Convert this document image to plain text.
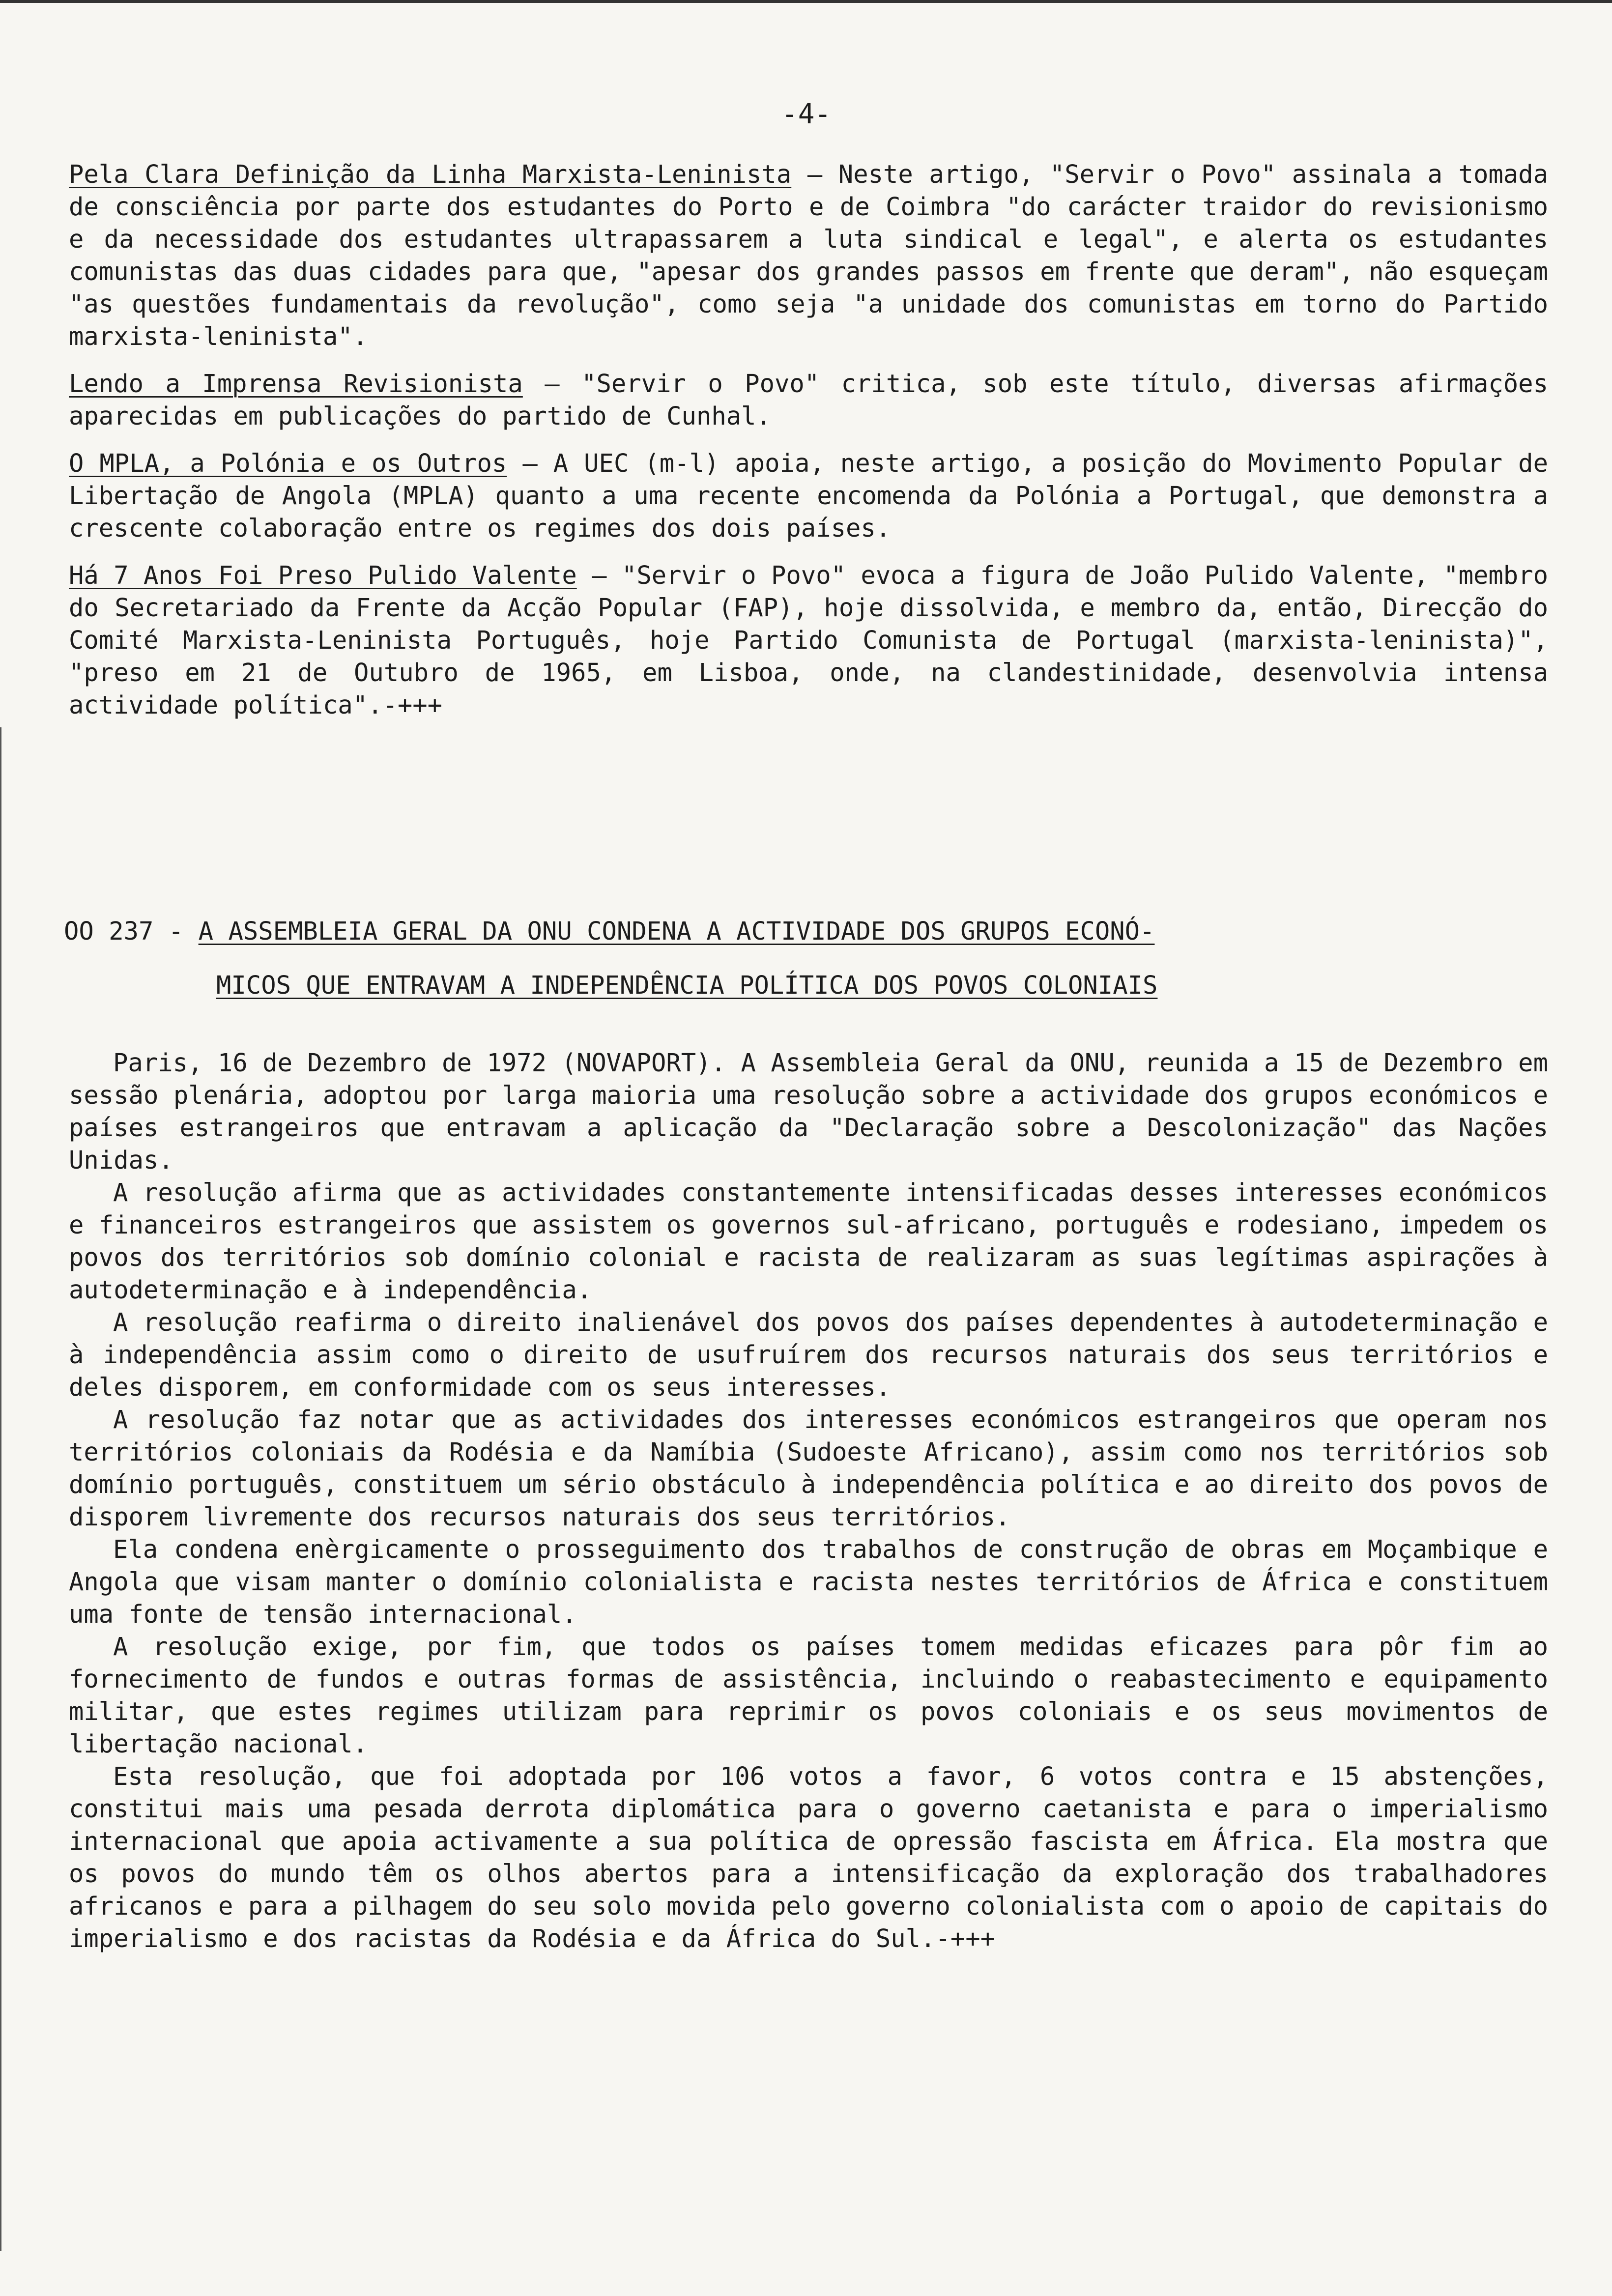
-4-

Pela Clara Definição da Linha Marxista-Leninista — Neste artigo, "Servir o Povo" assinala a tomada de consciência por parte dos estudantes do Porto e de Coimbra "do carácter traidor do revisionismo e da necessidade dos estudantes ultrapassarem a luta sindical e legal", e alerta os estudantes comunistas das duas cidades para que, "apesar dos grandes passos em frente que deram", não esqueçam "as questões fundamentais da revolução", como seja "a unidade dos comunistas em torno do Partido marxista-leninista".

Lendo a Imprensa Revisionista — "Servir o Povo" critica, sob este título, diversas afirmações aparecidas em publicações do partido de Cunhal.

O MPLA, a Polónia e os Outros — A UEC (m-l) apoia, neste artigo, a posição do Movimento Popular de Libertação de Angola (MPLA) quanto a uma recente encomenda da Polónia a Portugal, que demonstra a crescente colaboração entre os regimes dos dois países.

Há 7 Anos Foi Preso Pulido Valente — "Servir o Povo" evoca a figura de João Pulido Valente, "membro do Secretariado da Frente da Acção Popular (FAP), hoje dissolvida, e membro da, então, Direcção do Comité Marxista-Leninista Português, hoje Partido Comunista de Portugal (marxista-leninista)", "preso em 21 de Outubro de 1965, em Lisboa, onde, na clandestinidade, desenvolvia intensa actividade política".-+++

OO 237 - A ASSEMBLEIA GERAL DA ONU CONDENA A ACTIVIDADE DOS GRUPOS ECONÓ-
MICOS QUE ENTRAVAM A INDEPENDÊNCIA POLÍTICA DOS POVOS COLONIAIS

Paris, 16 de Dezembro de 1972 (NOVAPORT). A Assembleia Geral da ONU, reunida a 15 de Dezembro em sessão plenária, adoptou por larga maioria uma resolução sobre a actividade dos grupos económicos e países estrangeiros que entravam a aplicação da "Declaração sobre a Descolonização" das Nações Unidas.

A resolução afirma que as actividades constantemente intensificadas desses interesses económicos e financeiros estrangeiros que assistem os governos sul-africano, português e rodesiano, impedem os povos dos territórios sob domínio colonial e racista de realizaram as suas legítimas aspirações à autodeterminação e à independência.

A resolução reafirma o direito inalienável dos povos dos países dependentes à autodeterminação e à independência assim como o direito de usufruírem dos recursos naturais dos seus territórios e deles disporem, em conformidade com os seus interesses.

A resolução faz notar que as actividades dos interesses económicos estrangeiros que operam nos territórios coloniais da Rodésia e da Namíbia (Sudoeste Africano), assim como nos territórios sob domínio português, constituem um sério obstáculo à independência política e ao direito dos povos de disporem livremente dos recursos naturais dos seus territórios.

Ela condena enèrgicamente o prosseguimento dos trabalhos de construção de obras em Moçambique e Angola que visam manter o domínio colonialista e racista nestes territórios de África e constituem uma fonte de tensão internacional.

A resolução exige, por fim, que todos os países tomem medidas eficazes para pôr fim ao fornecimento de fundos e outras formas de assistência, incluindo o reabastecimento e equipamento militar, que estes regimes utilizam para reprimir os povos coloniais e os seus movimentos de libertação nacional.

Esta resolução, que foi adoptada por 106 votos a favor, 6 votos contra e 15 abstenções, constitui mais uma pesada derrota diplomática para o governo caetanista e para o imperialismo internacional que apoia activamente a sua política de opressão fascista em África. Ela mostra que os povos do mundo têm os olhos abertos para a intensificação da exploração dos trabalhadores africanos e para a pilhagem do seu solo movida pelo governo colonialista com o apoio de capitais do imperialismo e dos racistas da Rodésia e da África do Sul.-+++
